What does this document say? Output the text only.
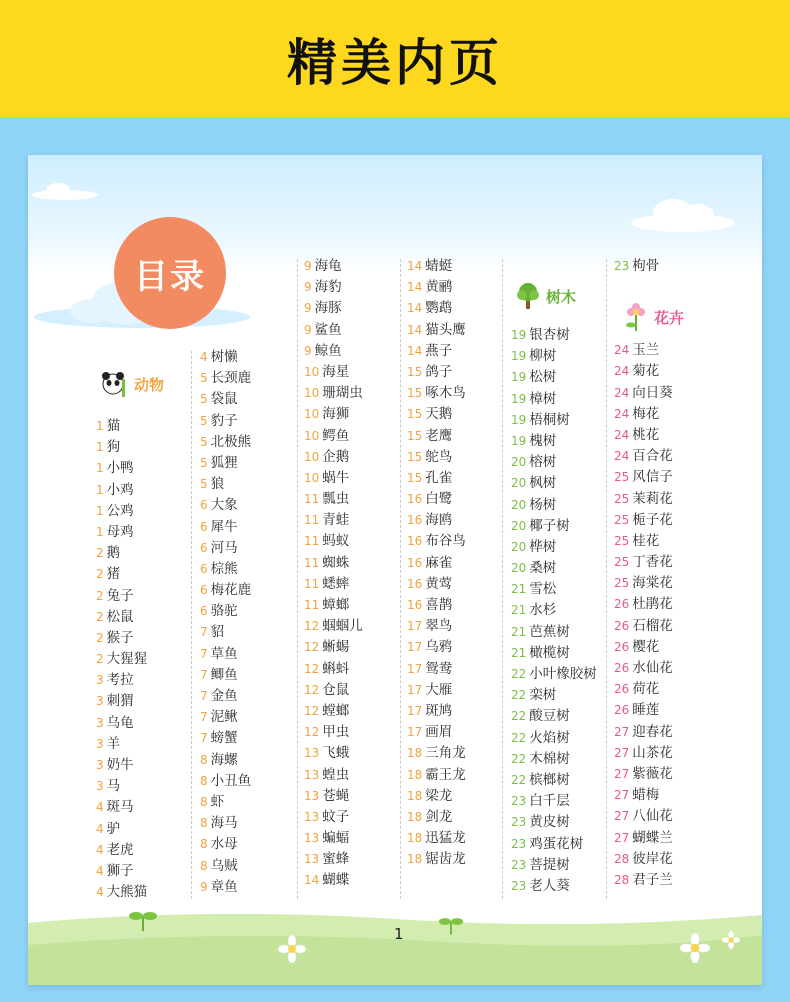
精美内页
目录
动物
树木
花卉
1 猫
1 狗
1 小鸭
1 小鸡
1 公鸡
1 母鸡
2 鹅
2 猪
2 兔子
2 松鼠
2 猴子
2 大猩猩
3 考拉
3 刺猬
3 乌龟
3 羊
3 奶牛
3 马
4 斑马
4 驴
4 老虎
4 狮子
4 大熊猫
4 树懒
5 长颈鹿
5 袋鼠
5 豹子
5 北极熊
5 狐狸
5 狼
6 大象
6 犀牛
6 河马
6 棕熊
6 梅花鹿
6 骆驼
7 貂
7 草鱼
7 鲫鱼
7 金鱼
7 泥鳅
7 螃蟹
8 海螺
8 小丑鱼
8 虾
8 海马
8 水母
8 乌贼
9 章鱼
9 海龟
9 海豹
9 海豚
9 鲨鱼
9 鲸鱼
10 海星
10 珊瑚虫
10 海狮
10 鳄鱼
10 企鹅
10 蜗牛
11 瓢虫
11 青蛙
11 蚂蚁
11 蜘蛛
11 蟋蟀
11 蟑螂
12 蝈蝈儿
12 蜥蜴
12 蝌蚪
12 仓鼠
12 螳螂
12 甲虫
13 飞蛾
13 蝗虫
13 苍蝇
13 蚊子
13 蝙蝠
13 蜜蜂
14 蝴蝶
14 蜻蜓
14 黄鹂
14 鹦鹉
14 猫头鹰
14 燕子
15 鸽子
15 啄木鸟
15 天鹅
15 老鹰
15 鸵鸟
15 孔雀
16 白鹭
16 海鸥
16 布谷鸟
16 麻雀
16 黄莺
16 喜鹊
17 翠鸟
17 乌鸦
17 鸳鸯
17 大雁
17 斑鸠
17 画眉
18 三角龙
18 霸王龙
18 梁龙
18 剑龙
18 迅猛龙
18 锯齿龙
19 银杏树
19 柳树
19 松树
19 樟树
19 梧桐树
19 槐树
20 榕树
20 枫树
20 杨树
20 椰子树
20 桦树
20 桑树
21 雪松
21 水杉
21 芭蕉树
21 橄榄树
22 小叶橡胶树
22 栾树
22 酸豆树
22 火焰树
22 木棉树
22 槟榔树
23 白千层
23 黄皮树
23 鸡蛋花树
23 菩提树
23 老人葵
23 枸骨
24 玉兰
24 菊花
24 向日葵
24 梅花
24 桃花
24 百合花
25 风信子
25 茉莉花
25 栀子花
25 桂花
25 丁香花
25 海棠花
26 杜鹃花
26 石榴花
26 樱花
26 水仙花
26 荷花
26 睡莲
27 迎春花
27 山茶花
27 紫薇花
27 蜡梅
27 八仙花
27 蝴蝶兰
28 彼岸花
28 君子兰
1
